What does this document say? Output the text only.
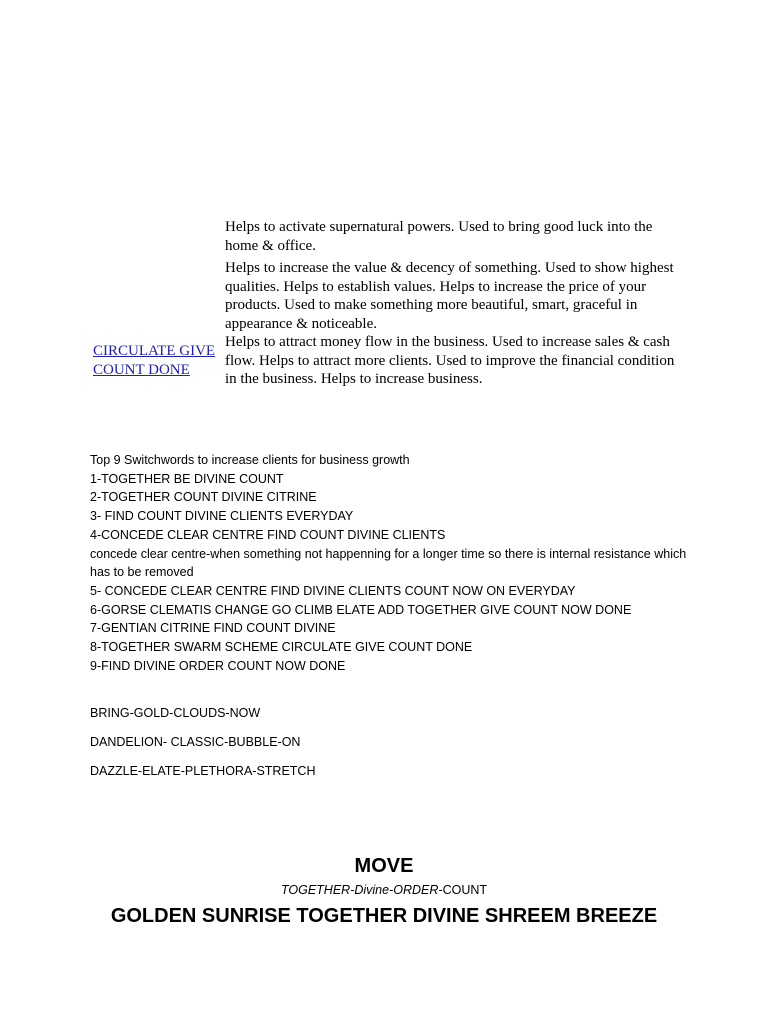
Helps to activate supernatural powers. Used to bring good luck into the home & office.
Helps to increase the value & decency of something. Used to show highest qualities. Helps to establish values. Helps to increase the price of your products. Used to make something more beautiful, smart, graceful in appearance & noticeable.
CIRCULATE GIVE COUNT DONE
Helps to attract money flow in the business. Used to increase sales & cash flow. Helps to attract more clients. Used to improve the financial condition in the business. Helps to increase business.
Top 9 Switchwords to increase clients for business growth
1-TOGETHER BE DIVINE COUNT
2-TOGETHER COUNT DIVINE CITRINE
3- FIND COUNT DIVINE CLIENTS EVERYDAY
4-CONCEDE CLEAR CENTRE FIND COUNT DIVINE CLIENTS
concede clear centre-when something not happenning for a longer time so there is internal resistance which has to be removed
5- CONCEDE CLEAR CENTRE FIND DIVINE CLIENTS COUNT NOW ON EVERYDAY
6-GORSE CLEMATIS CHANGE GO CLIMB ELATE ADD TOGETHER GIVE COUNT NOW DONE
7-GENTIAN CITRINE FIND COUNT DIVINE
8-TOGETHER SWARM SCHEME CIRCULATE GIVE COUNT DONE
9-FIND DIVINE ORDER COUNT NOW DONE
BRING-GOLD-CLOUDS-NOW
DANDELION- CLASSIC-BUBBLE-ON
DAZZLE-ELATE-PLETHORA-STRETCH
MOVE
TOGETHER-Divine-ORDER-COUNT
GOLDEN SUNRISE TOGETHER DIVINE SHREEM BREEZE
